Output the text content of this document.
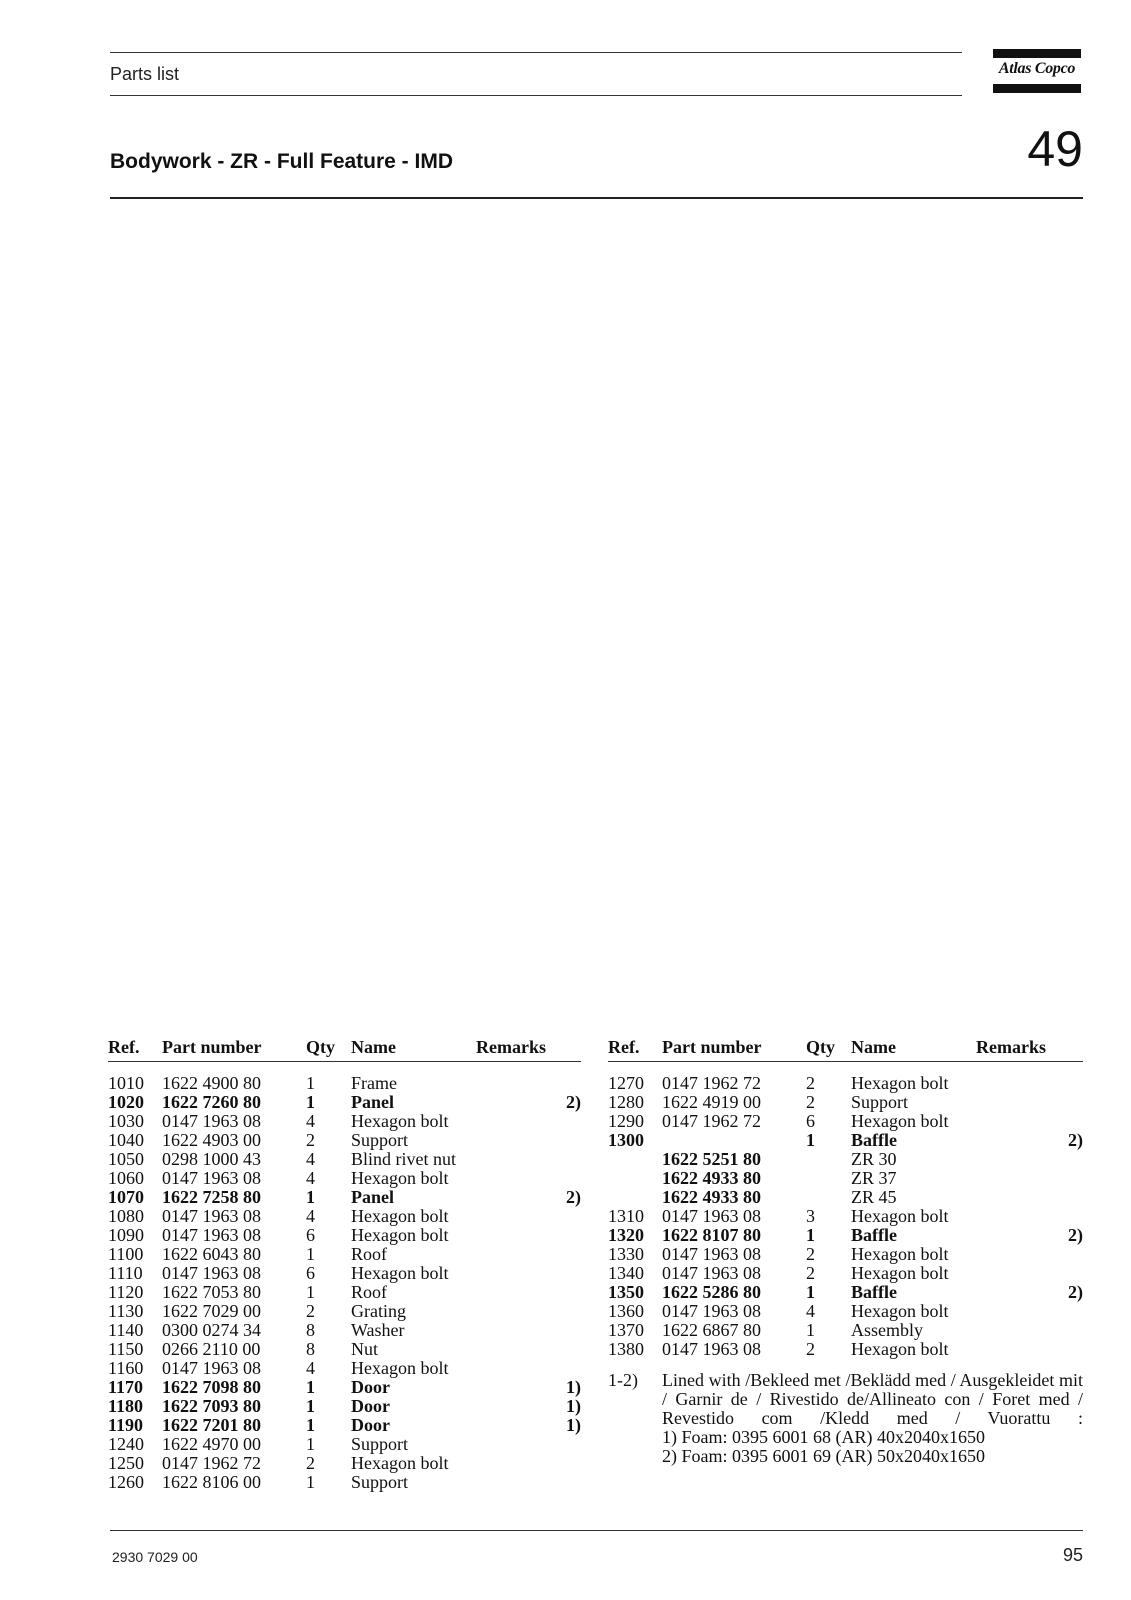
Parts list	Atlas Copco
Bodywork - ZR - Full Feature - IMD	49
Ref. Part number Qty Name	Remarks
1010 1622 4900 80	1 Frame
1020 1622 7260 80	1 Panel	2)
1030 0147 1963 08	4 Hexagon bolt
1040 1622 4903 00	2 Support
1050 0298 1000 43	4 Blind rivet nut
1060 0147 1963 08	4 Hexagon bolt
1070 1622 7258 80	1 Panel	2)
1080 0147 1963 08	4 Hexagon bolt
1090 0147 1963 08	6 Hexagon bolt
1100 1622 6043 80	1 Roof
1110 0147 1963 08	6 Hexagon bolt
1120 1622 7053 80	1 Roof
1130 1622 7029 00	2 Grating
1140 0300 0274 34	8 Washer
1150 0266 2110 00	8 Nut
1160 0147 1963 08	4 Hexagon bolt
1170 1622 7098 80	1 Door	1)
1180 1622 7093 80	1 Door	1)
1190 1622 7201 80	1 Door	1)
1240 1622 4970 00	1 Support
1250 0147 1962 72	2 Hexagon bolt
1260 1622 8106 00	1 Support
Ref. Part number Qty Name	Remarks
1270 0147 1962 72	2 Hexagon bolt
1280 1622 4919 00	2 Support
1290 0147 1962 72	6 Hexagon bolt
1300	1 Baffle	2)
1622 5251 80	ZR 30
1622 4933 80	ZR 37
1622 4933 80	ZR 45
1310 0147 1963 08	3 Hexagon bolt
1320 1622 8107 80	1 Baffle	2)
1330 0147 1963 08	2 Hexagon bolt
1340 0147 1963 08	2 Hexagon bolt
1350 1622 5286 80	1 Baffle	2)
1360 0147 1963 08	4 Hexagon bolt
1370 1622 6867 80	1 Assembly
1380 0147 1963 08	2 Hexagon bolt
1-2) Lined with /Bekleed met /Beklädd med / Ausgekleidet mit / Garnir de / Rivestido de/Allineato con / Foret med / Revestido com /Kledd med / Vuorattu :
1) Foam: 0395 6001 68 (AR) 40x2040x1650
2) Foam: 0395 6001 69 (AR) 50x2040x1650
2930 7029 00	95
